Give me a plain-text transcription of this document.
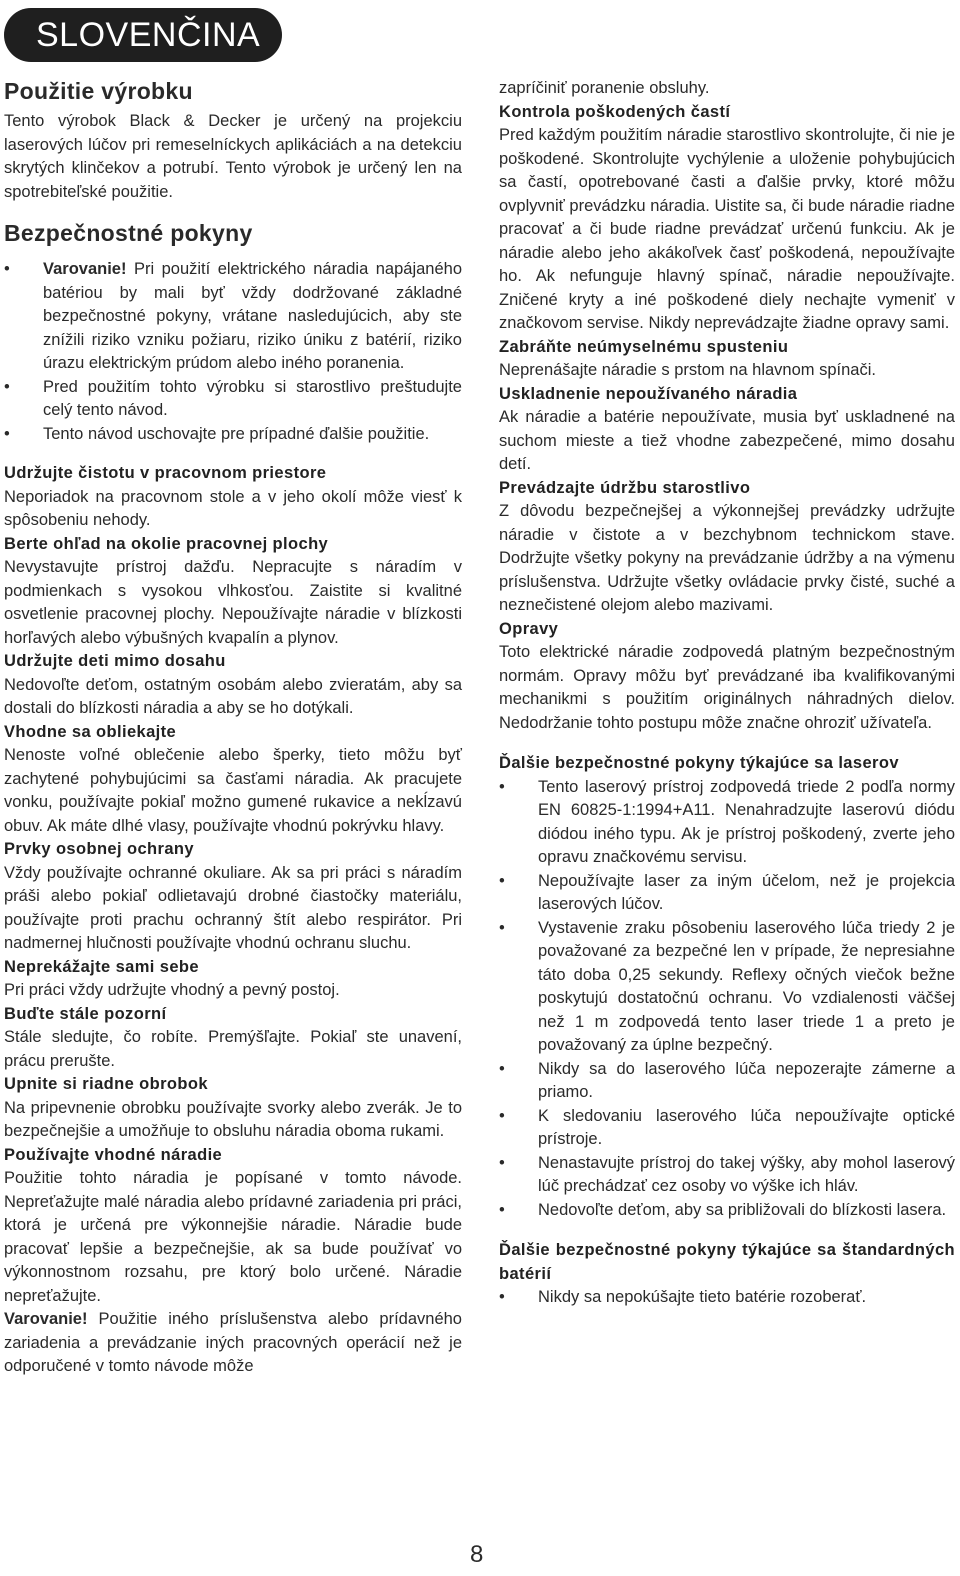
SLOVENČINA
Použitie výrobku

Tento výrobok Black & Decker je určený na projekciu laserových lúčov pri remeselníckych aplikáciách a na detekciu skrytých klinčekov a potrubí. Tento výrobok je určený len na spotrebiteľské použitie.

Bezpečnostné pokyny
• Varovanie! Pri použití elektrického náradia napájaného batériou by mali byť vždy dodržované základné bezpečnostné pokyny, vrátane nasledujúcich, aby ste znížili riziko vzniku požiaru, riziko úniku z batérií, riziko úrazu elektrickým prúdom alebo iného poranenia.
• Pred použitím tohto výrobku si starostlivo preštudujte celý tento návod.
• Tento návod uschovajte pre prípadné ďalšie použitie.
Udržujte čistotu v pracovnom priestore

Neporiadok na pracovnom stole a v jeho okolí môže viesť k spôsobeniu nehody.

Berte ohľad na okolie pracovnej plochy

Nevystavujte prístroj dažďu. Nepracujte s náradím v podmienkach s vysokou vlhkosťou. Zaistite si kvalitné osvetlenie pracovnej plochy. Nepoužívajte náradie v blízkosti horľavých alebo výbušných kvapalín a plynov.

Udržujte deti mimo dosahu

Nedovoľte deťom, ostatným osobám alebo zvieratám, aby sa dostali do blízkosti náradia a aby se ho dotýkali.

Vhodne sa obliekajte

Nenoste voľné oblečenie alebo šperky, tieto môžu byť zachytené pohybujúcimi sa časťami náradia. Ak pracujete vonku, používajte pokiaľ možno gumené rukavice a nekĺzavú obuv. Ak máte dlhé vlasy, používajte vhodnú pokrývku hlavy.

Prvky osobnej ochrany

Vždy používajte ochranné okuliare. Ak sa pri práci s náradím práši alebo pokiaľ odlietavajú drobné čiastočky materiálu, používajte proti prachu ochranný štít alebo respirátor. Pri nadmernej hlučnosti používajte vhodnú ochranu sluchu.

Neprekážajte sami sebe

Pri práci vždy udržujte vhodný a pevný postoj.

Buďte stále pozorní

Stále sledujte, čo robíte. Premýšľajte. Pokiaľ ste unavení, prácu prerušte.

Upnite si riadne obrobok

Na pripevnenie obrobku používajte svorky alebo zverák. Je to bezpečnejšie a umožňuje to obsluhu náradia oboma rukami.

Používajte vhodné náradie

Použitie tohto náradia je popísané v tomto návode. Nepreťažujte malé náradia alebo prídavné zariadenia pri práci, ktorá je určená pre výkonnejšie náradie. Náradie bude pracovať lepšie a bezpečnejšie, ak sa bude používať vo výkonnostnom rozsahu, pre ktorý bolo určené. Náradie nepreťažujte.

Varovanie! Použitie iného príslušenstva alebo prídavného zariadenia a prevádzanie iných pracovných operácií než je odporučené v tomto návode môže

zapríčiniť poranenie obsluhy.

Kontrola poškodených častí

Pred každým použitím náradie starostlivo skontrolujte, či nie je poškodené. Skontrolujte vychýlenie a uloženie pohybujúcich sa častí, opotrebované časti a ďalšie prvky, ktoré môžu ovplyvniť prevádzku náradia. Uistite sa, či bude náradie riadne pracovať a či bude riadne prevádzať určenú funkciu. Ak je náradie alebo jeho akákoľvek časť poškodená, nepoužívajte ho. Ak nefunguje hlavný spínač, náradie nepoužívajte. Zničené kryty a iné poškodené diely nechajte vymeniť v značkovom servise. Nikdy neprevádzajte žiadne opravy sami.

Zabráňte neúmyselnému spusteniu

Neprenášajte náradie s prstom na hlavnom spínači.

Uskladnenie nepoužívaného náradia

Ak náradie a batérie nepoužívate, musia byť uskladnené na suchom mieste a tiež vhodne zabezpečené, mimo dosahu detí.

Prevádzajte údržbu starostlivo

Z dôvodu bezpečnejšej a výkonnejšej prevádzky udržujte náradie v čistote a v bezchybnom technickom stave. Dodržujte všetky pokyny na prevádzanie údržby a na výmenu príslušenstva. Udržujte všetky ovládacie prvky čisté, suché a neznečistené olejom alebo mazivami.

Opravy

Toto elektrické náradie zodpovedá platným bezpečnostným normám. Opravy môžu byť prevádzané iba kvalifikovanými mechanikmi s použitím originálnych náhradných dielov. Nedodržanie tohto postupu môže značne ohroziť užívateľa.

Ďalšie bezpečnostné pokyny týkajúce sa laserov
• Tento laserový prístroj zodpovedá triede 2 podľa normy EN 60825-1:1994+A11. Nenahradzujte laserovú diódu diódou iného typu. Ak je prístroj poškodený, zverte jeho opravu značkovému servisu.
• Nepoužívajte laser za iným účelom, než je projekcia laserových lúčov.
• Vystavenie zraku pôsobeniu laserového lúča triedy 2 je považované za bezpečné len v prípade, že nepresiahne táto doba 0,25 sekundy. Reflexy očných viečok bežne poskytujú dostatočnú ochranu. Vo vzdialenosti väčšej než 1 m zodpovedá tento laser triede 1 a preto je považovaný za úplne bezpečný.
• Nikdy sa do laserového lúča nepozerajte zámerne a priamo.
• K sledovaniu laserového lúča nepoužívajte optické prístroje.
• Nenastavujte prístroj do takej výšky, aby mohol laserový lúč prechádzať cez osoby vo výške ich hláv.
• Nedovoľte deťom, aby sa približovali do blízkosti lasera.
Ďalšie bezpečnostné pokyny týkajúce sa štandardných batérií
• Nikdy sa nepokúšajte tieto batérie rozoberať.
8
